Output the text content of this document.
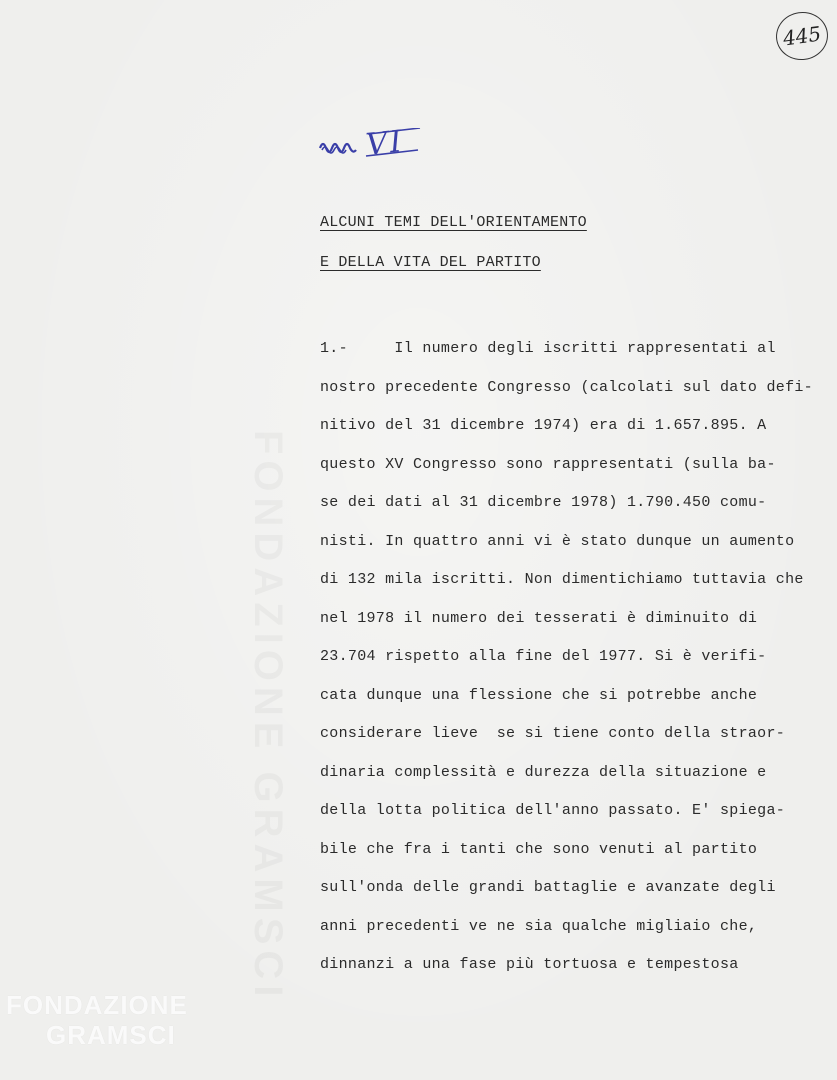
445
VI
ALCUNI TEMI DELL'ORIENTAMENTO
E DELLA VITA DEL PARTITO
1.-     Il numero degli iscritti rappresentati al
nostro precedente Congresso (calcolati sul dato defi-
nitivo del 31 dicembre 1974) era di 1.657.895. A
questo XV Congresso sono rappresentati (sulla ba-
se dei dati al 31 dicembre 1978) 1.790.450 comu-
nisti. In quattro anni vi è stato dunque un aumento
di 132 mila iscritti. Non dimentichiamo tuttavia che
nel 1978 il numero dei tesserati è diminuito di
23.704 rispetto alla fine del 1977. Si è verifi-
cata dunque una flessione che si potrebbe anche
considerare lieve  se si tiene conto della straor-
dinaria complessità e durezza della situazione e
della lotta politica dell'anno passato. E' spiega-
bile che fra i tanti che sono venuti al partito
sull'onda delle grandi battaglie e avanzate degli
anni precedenti ve ne sia qualche migliaio che,
dinnanzi a una fase più tortuosa e tempestosa
FONDAZIONE
GRAMSCI
